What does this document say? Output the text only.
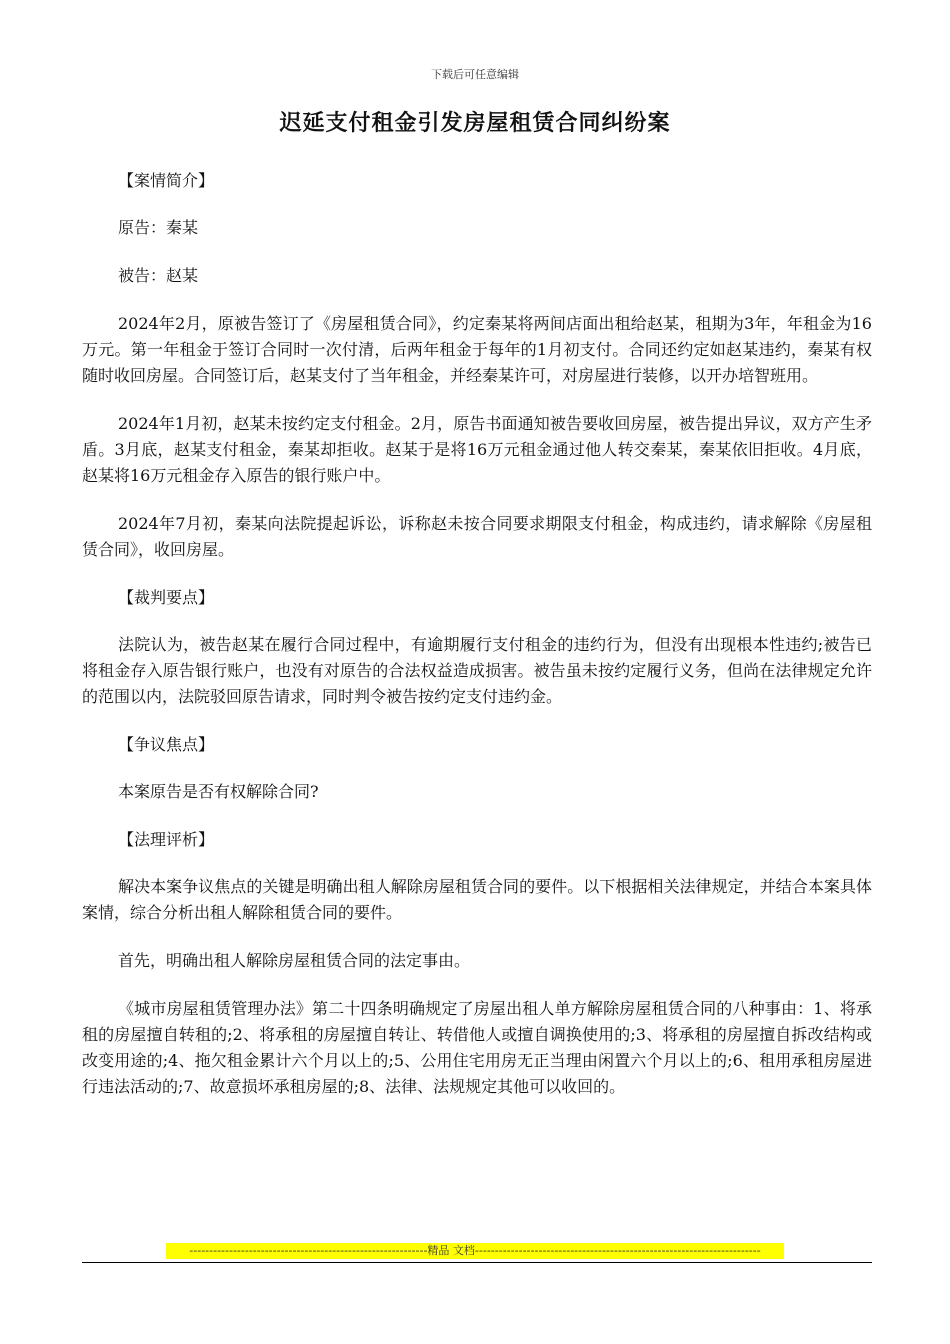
下载后可任意编辑
迟延支付租金引发房屋租赁合同纠纷案

【案情简介】

原告：秦某

被告：赵某

2024年2月，原被告签订了《房屋租赁合同》，约定秦某将两间店面出租给赵某，租期为3年，年租金为16万元。第一年租金于签订合同时一次付清，后两年租金于每年的1月初支付。合同还约定如赵某违约，秦某有权随时收回房屋。合同签订后，赵某支付了当年租金，并经秦某许可，对房屋进行装修，以开办培智班用。

2024年1月初，赵某未按约定支付租金。2月，原告书面通知被告要收回房屋，被告提出异议，双方产生矛盾。3月底，赵某支付租金，秦某却拒收。赵某于是将16万元租金通过他人转交秦某，秦某依旧拒收。4月底，赵某将16万元租金存入原告的银行账户中。

2024年7月初，秦某向法院提起诉讼，诉称赵未按合同要求期限支付租金，构成违约，请求解除《房屋租赁合同》，收回房屋。

【裁判要点】

法院认为，被告赵某在履行合同过程中，有逾期履行支付租金的违约行为，但没有出现根本性违约;被告已将租金存入原告银行账户，也没有对原告的合法权益造成损害。被告虽未按约定履行义务，但尚在法律规定允许的范围以内，法院驳回原告请求，同时判令被告按约定支付违约金。

【争议焦点】

本案原告是否有权解除合同?

【法理评析】

解决本案争议焦点的关键是明确出租人解除房屋租赁合同的要件。以下根据相关法律规定，并结合本案具体案情，综合分析出租人解除租赁合同的要件。

首先，明确出租人解除房屋租赁合同的法定事由。

《城市房屋租赁管理办法》第二十四条明确规定了房屋出租人单方解除房屋租赁合同的八种事由：1、将承租的房屋擅自转租的;2、将承租的房屋擅自转让、转借他人或擅自调换使用的;3、将承租的房屋擅自拆改结构或改变用途的;4、拖欠租金累计六个月以上的;5、公用住宅用房无正当理由闲置六个月以上的;6、租用承租房屋进行违法活动的;7、故意损坏承租房屋的;8、法律、法规规定其他可以收回的。

------------------------------------------------------------精品 文档------------------------------------------------------------------------
